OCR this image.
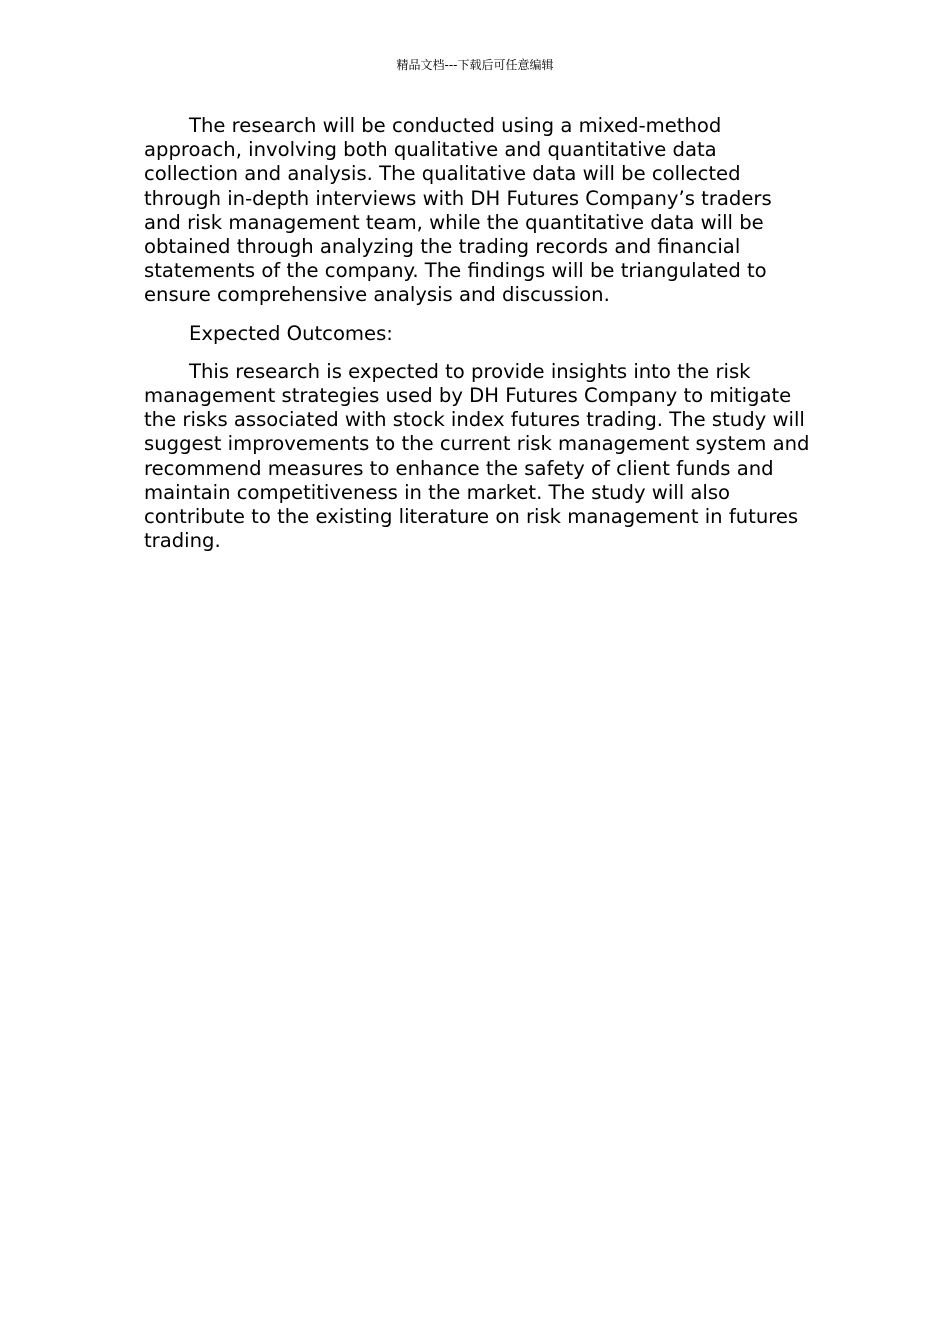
精品文档---下载后可任意编辑

The research will be conducted using a mixed-method approach, involving both qualitative and quantitative data collection and analysis. The qualitative data will be collected through in-depth interviews with DH Futures Company’s traders and risk management team, while the quantitative data will be obtained through analyzing the trading records and financial statements of the company. The findings will be triangulated to ensure comprehensive analysis and discussion.

Expected Outcomes:

This research is expected to provide insights into the risk management strategies used by DH Futures Company to mitigate the risks associated with stock index futures trading. The study will suggest improvements to the current risk management system and recommend measures to enhance the safety of client funds and maintain competitiveness in the market. The study will also contribute to the existing literature on risk management in futures trading.
